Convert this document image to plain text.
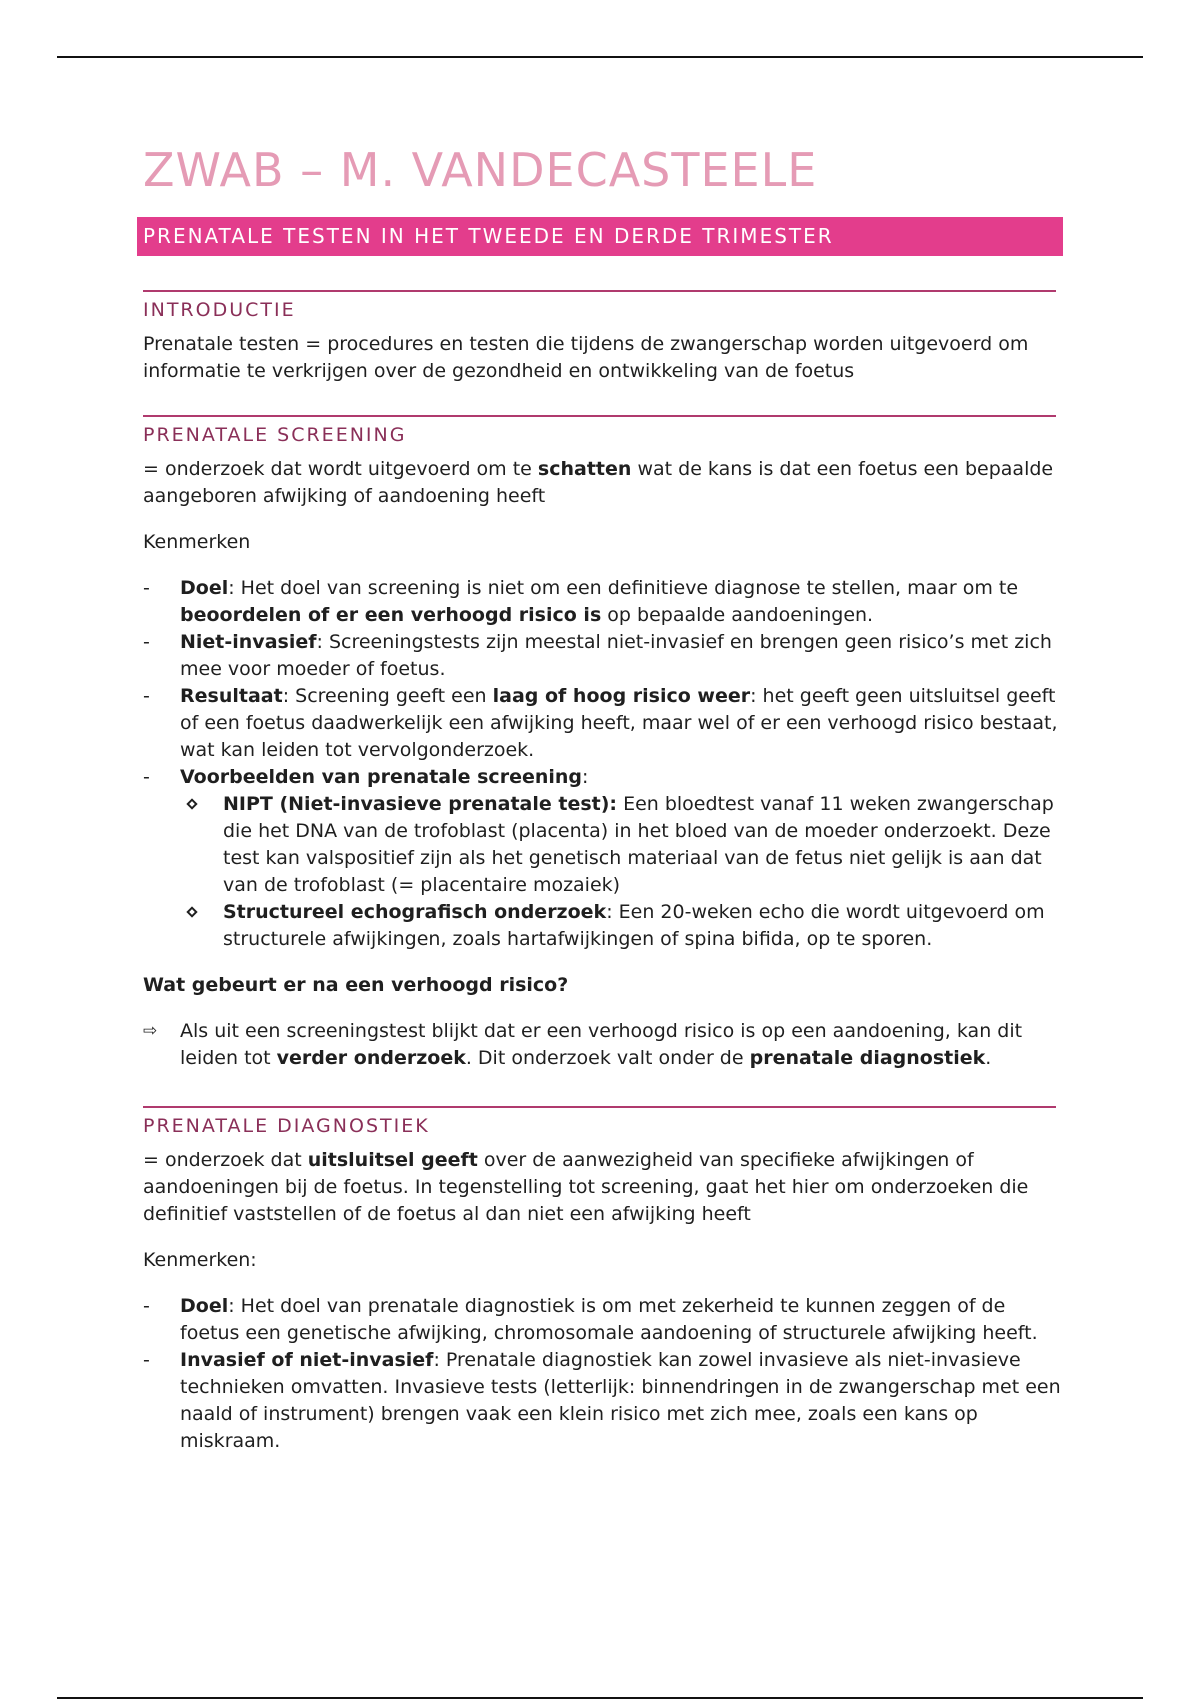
ZWAB – M. VANDECASTEELE
PRENATALE TESTEN IN HET TWEEDE EN DERDE TRIMESTER
INTRODUCTIE

Prenatale testen = procedures en testen die tijdens de zwangerschap worden uitgevoerd om informatie te verkrijgen over de gezondheid en ontwikkeling van de foetus

PRENATALE SCREENING

= onderzoek dat wordt uitgevoerd om te schatten wat de kans is dat een foetus een bepaalde aangeboren afwijking of aandoening heeft

Kenmerken

- Doel: Het doel van screening is niet om een definitieve diagnose te stellen, maar om te beoordelen of er een verhoogd risico is op bepaalde aandoeningen.
- Niet-invasief: Screeningstests zijn meestal niet-invasief en brengen geen risico’s met zich mee voor moeder of foetus.
- Resultaat: Screening geeft een laag of hoog risico weer: het geeft geen uitsluitsel geeft of een foetus daadwerkelijk een afwijking heeft, maar wel of er een verhoogd risico bestaat, wat kan leiden tot vervolgonderzoek.
- Voorbeelden van prenatale screening:
NIPT (Niet-invasieve prenatale test): Een bloedtest vanaf 11 weken zwangerschap die het DNA van de trofoblast (placenta) in het bloed van de moeder onderzoekt. Deze test kan valspositief zijn als het genetisch materiaal van de fetus niet gelijk is aan dat van de trofoblast (= placentaire mozaiek)
Structureel echografisch onderzoek: Een 20-weken echo die wordt uitgevoerd om structurele afwijkingen, zoals hartafwijkingen of spina bifida, op te sporen.

Wat gebeurt er na een verhoogd risico?

⇨ Als uit een screeningstest blijkt dat er een verhoogd risico is op een aandoening, kan dit leiden tot verder onderzoek. Dit onderzoek valt onder de prenatale diagnostiek.
PRENATALE DIAGNOSTIEK

= onderzoek dat uitsluitsel geeft over de aanwezigheid van specifieke afwijkingen of aandoeningen bij de foetus. In tegenstelling tot screening, gaat het hier om onderzoeken die definitief vaststellen of de foetus al dan niet een afwijking heeft

Kenmerken:

- Doel: Het doel van prenatale diagnostiek is om met zekerheid te kunnen zeggen of de foetus een genetische afwijking, chromosomale aandoening of structurele afwijking heeft.
- Invasief of niet-invasief: Prenatale diagnostiek kan zowel invasieve als niet-invasieve technieken omvatten. Invasieve tests (letterlijk: binnendringen in de zwangerschap met een naald of instrument) brengen vaak een klein risico met zich mee, zoals een kans op miskraam.
